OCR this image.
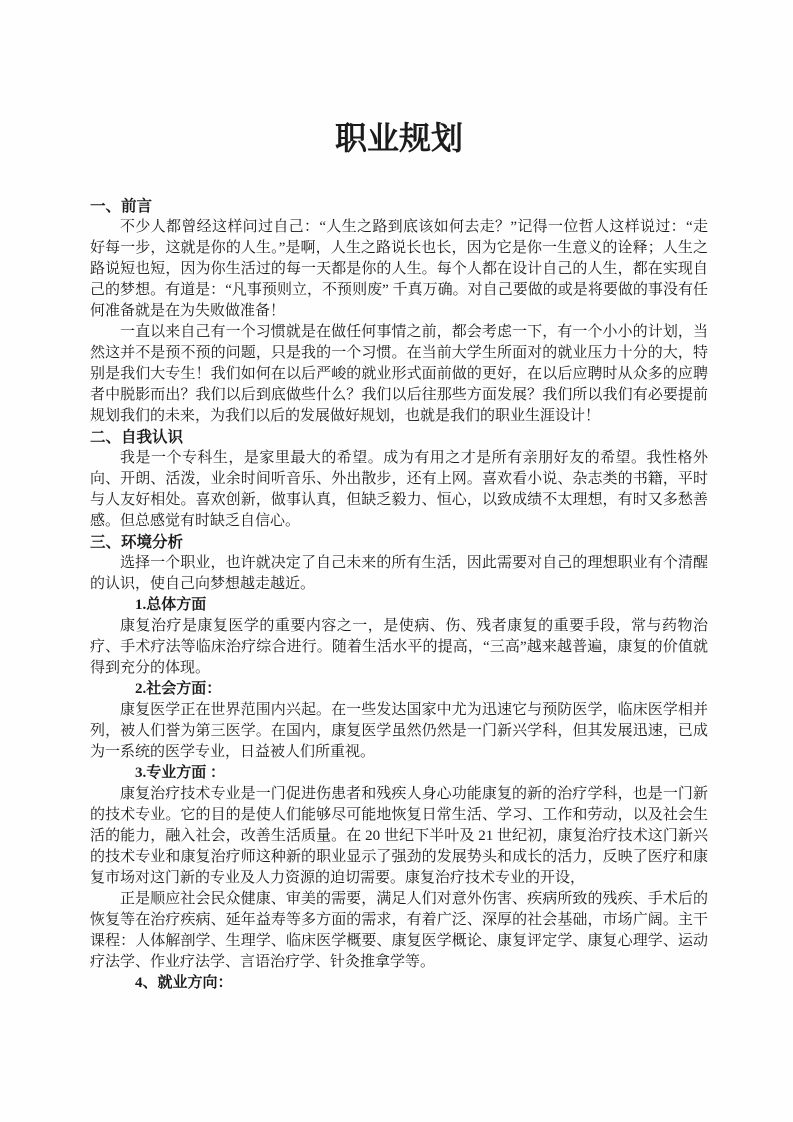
职业规划
一、前言

不少人都曾经这样问过自己：“人生之路到底该如何去走？”记得一位哲人这样说过：“走好每一步，这就是你的人生。”是啊，人生之路说长也长，因为它是你一生意义的诠释；人生之路说短也短，因为你生活过的每一天都是你的人生。每个人都在设计自己的人生，都在实现自己的梦想。有道是：“凡事预则立，不预则废” 千真万确。对自己要做的或是将要做的事没有任何准备就是在为失败做准备！

一直以来自己有一个习惯就是在做任何事情之前，都会考虑一下，有一个小小的计划，当然这并不是预不预的问题，只是我的一个习惯。在当前大学生所面对的就业压力十分的大，特别是我们大专生！我们如何在以后严峻的就业形式面前做的更好，在以后应聘时从众多的应聘者中脱影而出？我们以后到底做些什么？我们以后往那些方面发展？我们所以我们有必要提前规划我们的未来，为我们以后的发展做好规划，也就是我们的职业生涯设计！

二、自我认识

我是一个专科生，是家里最大的希望。成为有用之才是所有亲朋好友的希望。我性格外向、开朗、活泼，业余时间听音乐、外出散步，还有上网。喜欢看小说、杂志类的书籍，平时与人友好相处。喜欢创新，做事认真，但缺乏毅力、恒心，以致成绩不太理想，有时又多愁善感。但总感觉有时缺乏自信心。

三、环境分析

选择一个职业，也许就决定了自己未来的所有生活，因此需要对自己的理想职业有个清醒的认识，使自己向梦想越走越近。

1.总体方面

康复治疗是康复医学的重要内容之一，是使病、伤、残者康复的重要手段，常与药物治疗、手术疗法等临床治疗综合进行。随着生活水平的提高，“三高”越来越普遍，康复的价值就得到充分的体现。

2.社会方面：

康复医学正在世界范围内兴起。在一些发达国家中尤为迅速它与预防医学，临床医学相并列，被人们誉为第三医学。在国内，康复医学虽然仍然是一门新兴学科，但其发展迅速，已成为一系统的医学专业，日益被人们所重视。

3.专业方面 ：

康复治疗技术专业是一门促进伤患者和残疾人身心功能康复的新的治疗学科，也是一门新的技术专业。它的目的是使人们能够尽可能地恢复日常生活、学习、工作和劳动，以及社会生活的能力，融入社会，改善生活质量。在 20 世纪下半叶及 21 世纪初，康复治疗技术这门新兴的技术专业和康复治疗师这种新的职业显示了强劲的发展势头和成长的活力，反映了医疗和康复市场对这门新的专业及人力资源的迫切需要。康复治疗技术专业的开设，

正是顺应社会民众健康、审美的需要，满足人们对意外伤害、疾病所致的残疾、手术后的恢复等在治疗疾病、延年益寿等多方面的需求，有着广泛、深厚的社会基础，市场广阔。主干课程：人体解剖学、生理学、临床医学概要、康复医学概论、康复评定学、康复心理学、运动疗法学、作业疗法学、言语治疗学、针灸推拿学等。

4、就业方向：
